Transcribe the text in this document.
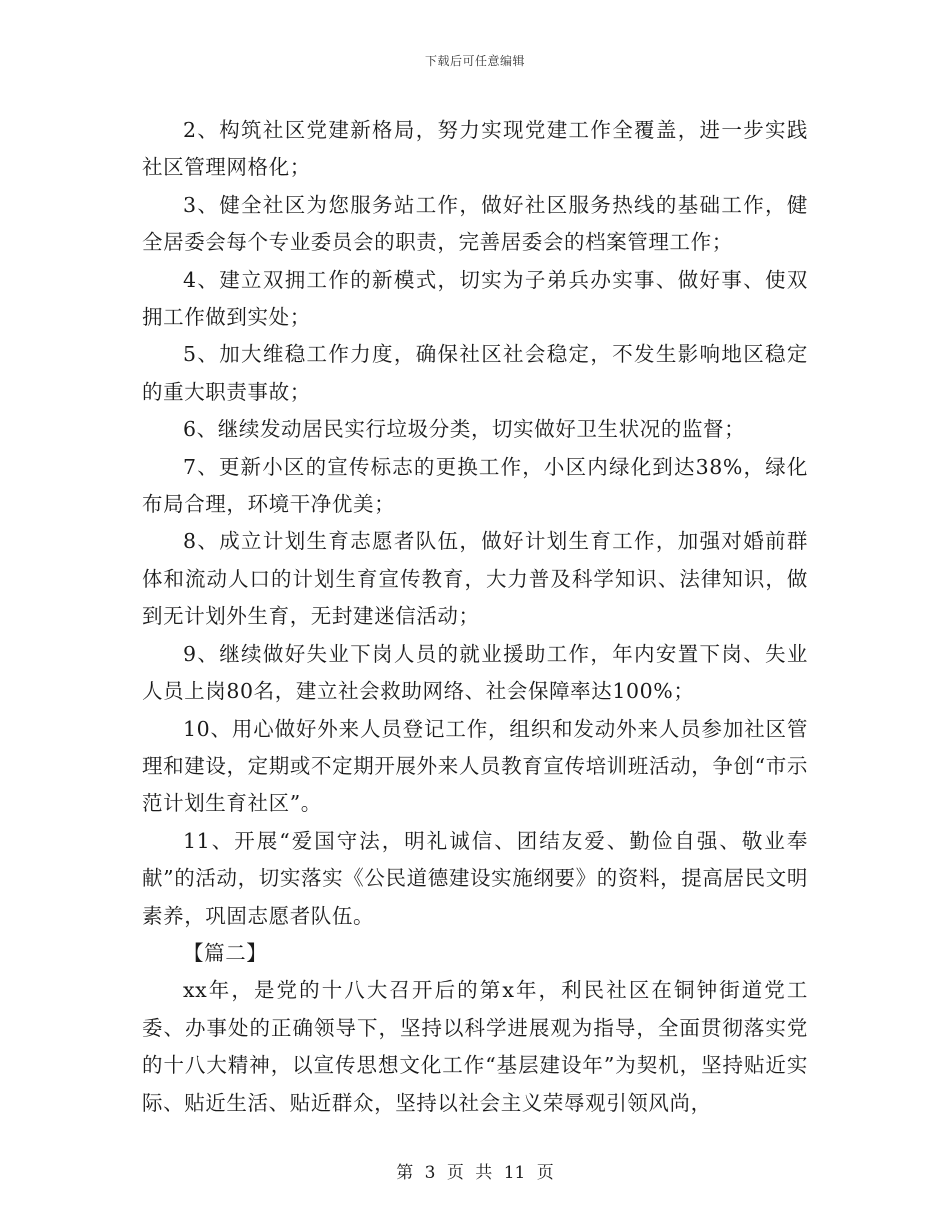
下载后可任意编辑

2、构筑社区党建新格局，努力实现党建工作全覆盖，进一步实践社区管理网格化；

3、健全社区为您服务站工作，做好社区服务热线的基础工作，健全居委会每个专业委员会的职责，完善居委会的档案管理工作；

4、建立双拥工作的新模式，切实为子弟兵办实事、做好事、使双拥工作做到实处；

5、加大维稳工作力度，确保社区社会稳定，不发生影响地区稳定的重大职责事故；

6、继续发动居民实行垃圾分类，切实做好卫生状况的监督；

7、更新小区的宣传标志的更换工作，小区内绿化到达38%，绿化布局合理，环境干净优美；

8、成立计划生育志愿者队伍，做好计划生育工作，加强对婚前群体和流动人口的计划生育宣传教育，大力普及科学知识、法律知识，做到无计划外生育，无封建迷信活动；

9、继续做好失业下岗人员的就业援助工作，年内安置下岗、失业人员上岗80名，建立社会救助网络、社会保障率达100%；

10、用心做好外来人员登记工作，组织和发动外来人员参加社区管理和建设，定期或不定期开展外来人员教育宣传培训班活动，争创“市示范计划生育社区”。

11、开展“爱国守法，明礼诚信、团结友爱、勤俭自强、敬业奉献”的活动，切实落实《公民道德建设实施纲要》的资料，提高居民文明素养，巩固志愿者队伍。

【篇二】

xx年，是党的十八大召开后的第x年，利民社区在铜钟街道党工委、办事处的正确领导下，坚持以科学进展观为指导，全面贯彻落实党的十八大精神，以宣传思想文化工作“基层建设年”为契机，坚持贴近实际、贴近生活、贴近群众，坚持以社会主义荣辱观引领风尚，

第 3 页 共 11 页
